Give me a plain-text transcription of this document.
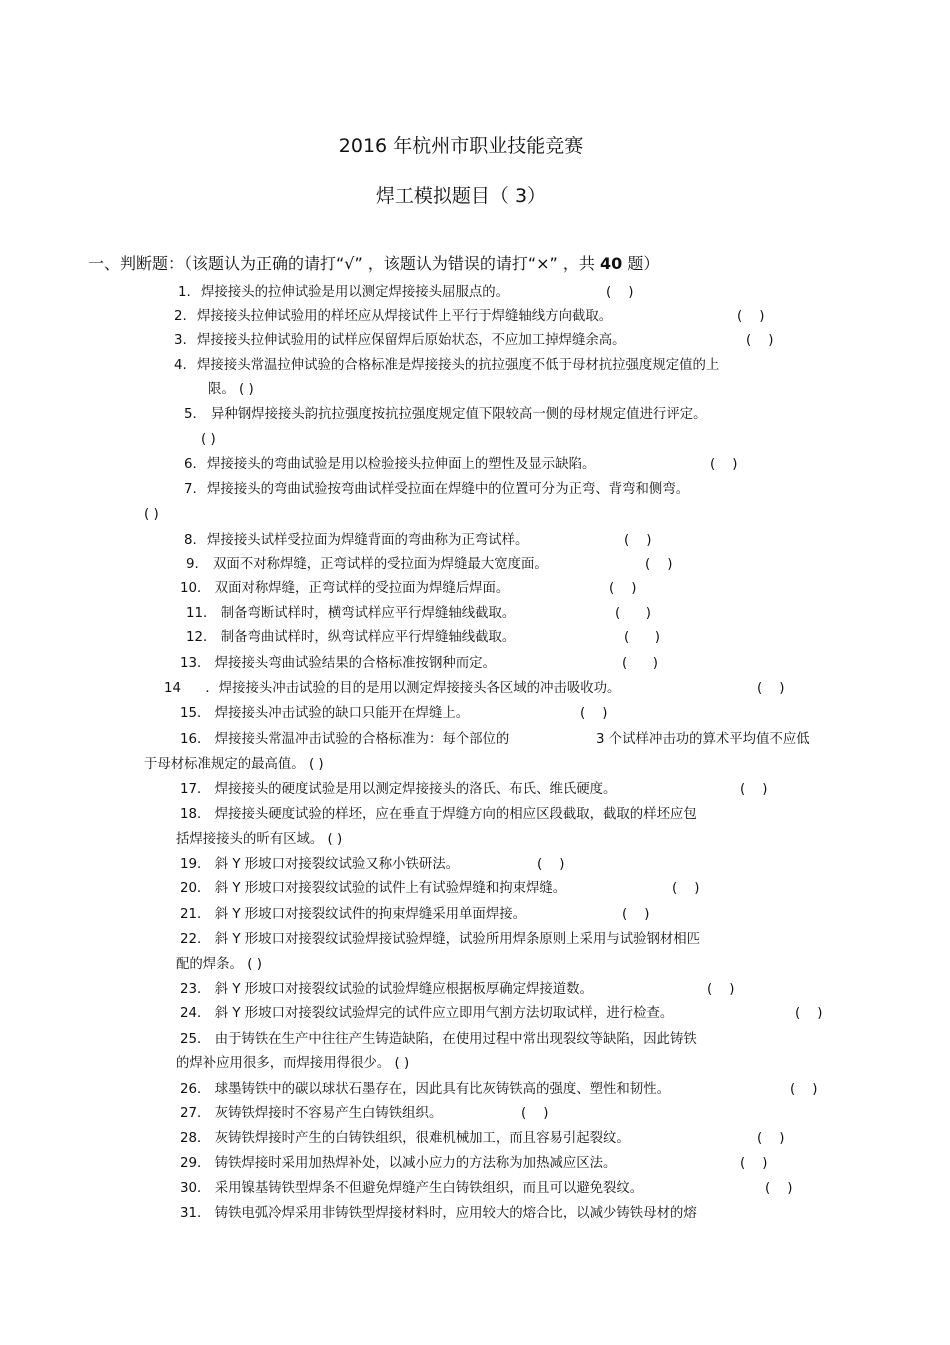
2016 年杭州市职业技能竞赛
焊工模拟题目（ 3）
一、判断题：（该题认为正确的请打“√” ，该题认为错误的请打“×” ，共 40 题）
1. 焊接接头的拉伸试验是用以测定焊接接头屈服点的。	(    )
2. 焊接接头拉伸试验用的样坯应从焊接试件上平行于焊缝轴线方向截取。	(    )
3. 焊接接头拉伸试验用的试样应保留焊后原始状态，不应加工掉焊缝余高。	(    )
4. 焊接接头常温拉伸试验的合格标准是焊接接头的抗拉强度不低于母材抗拉强度规定值的上
限。 ( )
5. 异种钢焊接接头韵抗拉强度按抗拉强度规定值下限较高一侧的母材规定值进行评定。
( )
6. 焊接接头的弯曲试验是用以检验接头拉伸面上的塑性及显示缺陷。	(    )
7. 焊接接头的弯曲试验按弯曲试样受拉面在焊缝中的位置可分为正弯、背弯和侧弯。
( )
8. 焊接接头试样受拉面为焊缝背面的弯曲称为正弯试样。	(    )
9. 双面不对称焊缝，正弯试样的受拉面为焊缝最大宽度面。	(    )
10． 双面对称焊缝，正弯试样的受拉面为焊缝后焊面。	(    )
11． 制备弯断试样时，横弯试样应平行焊缝轴线截取。	(      )
12． 制备弯曲试样时，纵弯试样应平行焊缝轴线截取。	(      )
13． 焊接接头弯曲试验结果的合格标准按钢种而定。	(      )
14 ．焊接接头冲击试验的目的是用以测定焊接接头各区域的冲击吸收功。	(    )
15． 焊接接头冲击试验的缺口只能开在焊缝上。	(    )
16． 焊接接头常温冲击试验的合格标准为：每个部位的	3 个试样冲击功的算术平均值不应低
于母材标准规定的最高值。 ( )
17． 焊接接头的硬度试验是用以测定焊接接头的洛氏、布氏、维氏硬度。	(    )
18． 焊接接头硬度试验的样坯，应在垂直于焊缝方向的相应区段截取，截取的样坯应包
括焊接接头的昕有区域。 ( )
19． 斜 Y 形坡口对接裂纹试验又称小铁研法。	(    )
20． 斜 Y 形坡口对接裂纹试验的试件上有试验焊缝和拘束焊缝。	(    )
21． 斜 Y 形坡口对接裂纹试件的拘束焊缝采用单面焊接。	(    )
22． 斜 Y 形坡口对接裂纹试验焊接试验焊缝，试验所用焊条原则上采用与试验钢材相匹
配的焊条。 ( )
23． 斜 Y 形坡口对接裂纹试验的试验焊缝应根据板厚确定焊接道数。	(    )
24． 斜 Y 形坡口对接裂纹试验焊完的试件应立即用气割方法切取试样，进行检查。	(    )
25． 由于铸铁在生产中往往产生铸造缺陷，在使用过程中常出现裂纹等缺陷，因此铸铁
的焊补应用很多，而焊接用得很少。 ( )
26． 球墨铸铁中的碳以球状石墨存在，因此具有比灰铸铁高的强度、塑性和韧性。	(    )
27． 灰铸铁焊接时不容易产生白铸铁组织。	(    )
28． 灰铸铁焊接时产生的白铸铁组织，很难机械加工，而且容易引起裂纹。	(    )
29． 铸铁焊接时采用加热焊补处，以减小应力的方法称为加热减应区法。	(    )
30． 采用镍基铸铁型焊条不但避免焊缝产生白铸铁组织，而且可以避免裂纹。	(    )
31． 铸铁电弧冷焊采用非铸铁型焊接材料时，应用较大的熔合比，以减少铸铁母材的熔
